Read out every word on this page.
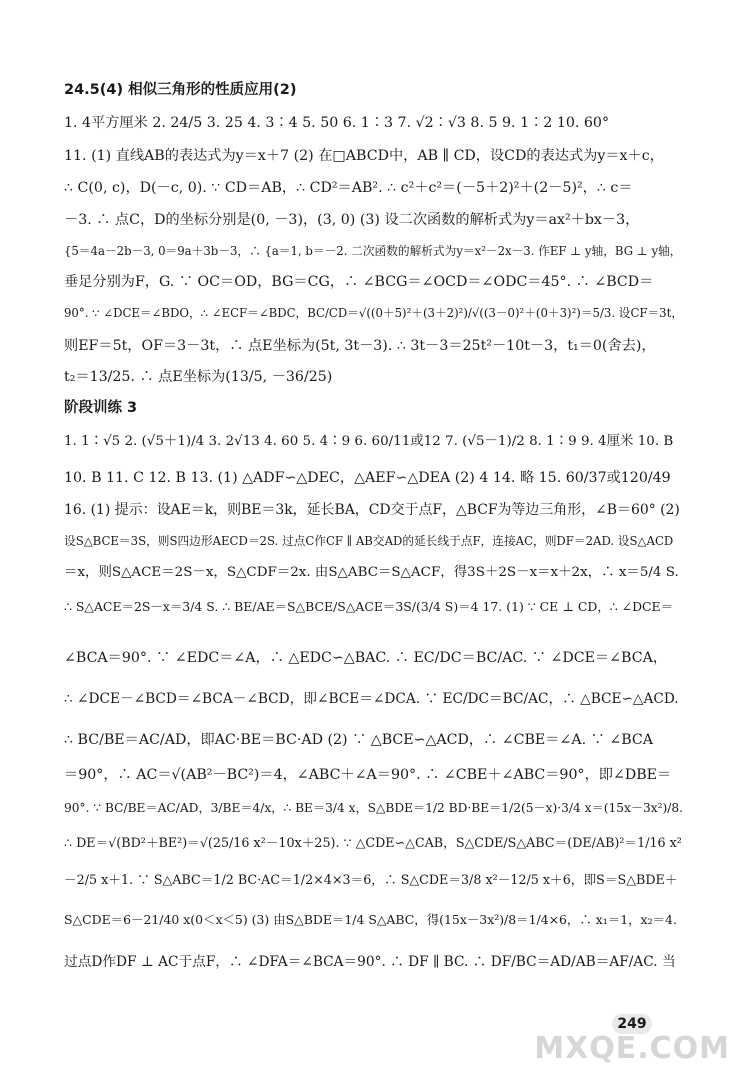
24.5(4) 相似三角形的性质应用(2)
1. 4平方厘米 2. 24/5 3. 25 4. 3∶4 5. 50 6. 1∶3 7. √2∶√3 8. 5 9. 1∶2 10. 60°
11. (1) 直线AB的表达式为y＝x＋7 (2) 在□ABCD中，AB ∥ CD，设CD的表达式为y＝x＋c，
∴ C(0, c)，D(－c, 0). ∵ CD＝AB，∴ CD²＝AB². ∴ c²＋c²＝(－5＋2)²＋(2－5)²，∴ c＝
－3. ∴ 点C，D的坐标分别是(0, －3)，(3, 0) (3) 设二次函数的解析式为y＝ax²＋bx－3，
{5＝4a－2b－3, 0＝9a＋3b－3，∴ {a＝1, b＝－2. 二次函数的解析式为y＝x²－2x－3. 作EF ⊥ y轴，BG ⊥ y轴，
垂足分别为F，G. ∵ OC＝OD，BG＝CG，∴ ∠BCG＝∠OCD＝∠ODC＝45°. ∴ ∠BCD＝
90°. ∵ ∠DCE＝∠BDO，∴ ∠ECF＝∠BDC，BC/CD＝√((0＋5)²＋(3＋2)²)/√((3－0)²＋(0＋3)²)＝5/3. 设CF＝3t，
则EF＝5t，OF＝3－3t，∴ 点E坐标为(5t, 3t－3). ∴ 3t－3＝25t²－10t－3，t₁＝0(舍去)，
t₂＝13/25. ∴ 点E坐标为(13/5, －36/25)
阶段训练 3
1. 1∶√5 2. (√5＋1)/4 3. 2√13 4. 60 5. 4∶9 6. 60/11或12 7. (√5－1)/2 8. 1∶9 9. 4厘米 10. B
10. B 11. C 12. B 13. (1) △ADF∽△DEC，△AEF∽△DEA (2) 4 14. 略 15. 60/37或120/49
16. (1) 提示：设AE＝k，则BE＝3k，延长BA，CD交于点F，△BCF为等边三角形，∠B＝60° (2)
设S△BCE＝3S，则S四边形AECD＝2S. 过点C作CF ∥ AB交AD的延长线于点F，连接AC，则DF＝2AD. 设S△ACD
＝x，则S△ACE＝2S－x，S△CDF＝2x. 由S△ABC＝S△ACF，得3S＋2S－x＝x＋2x，∴ x＝5/4 S.
∴ S△ACE＝2S－x＝3/4 S. ∴ BE/AE＝S△BCE/S△ACE＝3S/(3/4 S)＝4 17. (1) ∵ CE ⊥ CD，∴ ∠DCE＝
∠BCA＝90°. ∵ ∠EDC＝∠A，∴ △EDC∽△BAC. ∴ EC/DC＝BC/AC. ∵ ∠DCE＝∠BCA，
∴ ∠DCE－∠BCD＝∠BCA－∠BCD，即∠BCE＝∠DCA. ∵ EC/DC＝BC/AC，∴ △BCE∽△ACD.
∴ BC/BE＝AC/AD，即AC·BE＝BC·AD (2) ∵ △BCE∽△ACD，∴ ∠CBE＝∠A. ∵ ∠BCA
＝90°，∴ AC＝√(AB²－BC²)＝4，∠ABC＋∠A＝90°. ∴ ∠CBE＋∠ABC＝90°，即∠DBE＝
90°. ∵ BC/BE＝AC/AD，3/BE＝4/x，∴ BE＝3/4 x，S△BDE＝1/2 BD·BE＝1/2(5－x)·3/4 x＝(15x－3x²)/8.
∴ DE＝√(BD²＋BE²)＝√(25/16 x²－10x＋25). ∵ △CDE∽△CAB，S△CDE/S△ABC＝(DE/AB)²＝1/16 x²
－2/5 x＋1. ∵ S△ABC＝1/2 BC·AC＝1/2×4×3＝6，∴ S△CDE＝3/8 x²－12/5 x＋6，即S＝S△BDE＋
S△CDE＝6－21/40 x(0＜x＜5) (3) 由S△BDE＝1/4 S△ABC，得(15x－3x²)/8＝1/4×6，∴ x₁＝1，x₂＝4.
过点D作DF ⊥ AC于点F，∴ ∠DFA＝∠BCA＝90°. ∴ DF ∥ BC. ∴ DF/BC＝AD/AB＝AF/AC. 当
249
MXQE.COM
